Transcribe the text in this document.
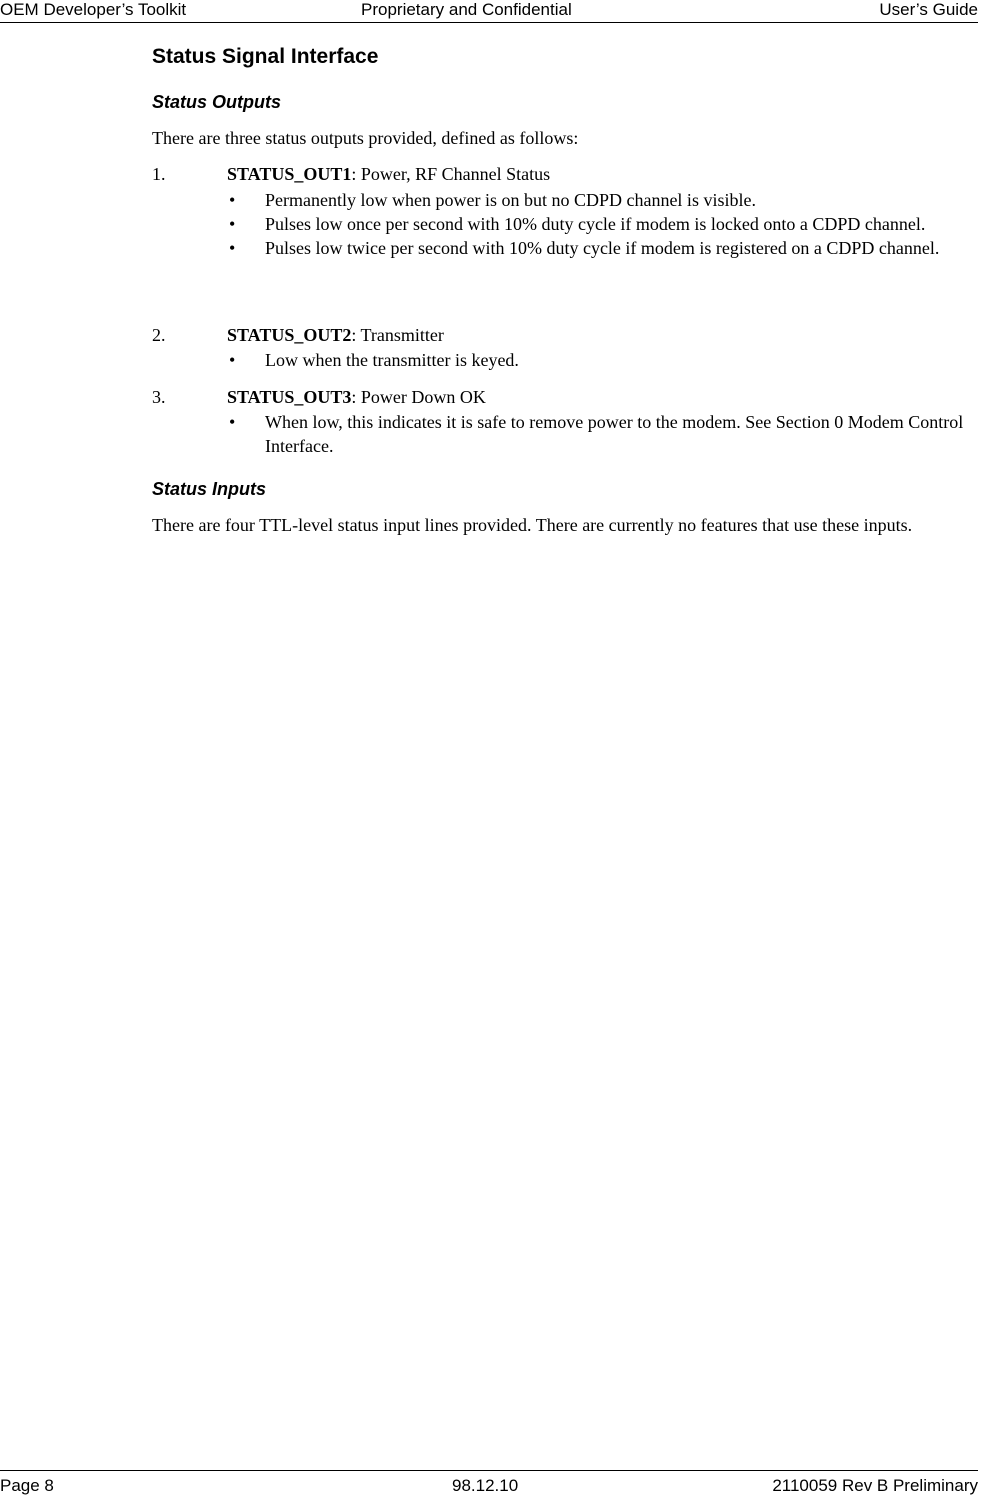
OEM Developer’s Toolkit	Proprietary and Confidential	User’s Guide
Status Signal Interface
Status Outputs
There are three status outputs provided, defined as follows:
1.	STATUS_OUT1: Power, RF Channel Status
• Permanently low when power is on but no CDPD channel is visible.
• Pulses low once per second with 10% duty cycle if modem is locked onto a CDPD channel.
• Pulses low twice per second with 10% duty cycle if modem is registered on a CDPD channel.
2.	STATUS_OUT2: Transmitter
• Low when the transmitter is keyed.
3.	STATUS_OUT3: Power Down OK
• When low, this indicates it is safe to remove power to the modem. See Section 0 Modem Control Interface.
Status Inputs
There are four TTL-level status input lines provided. There are currently no features that use these inputs.
Page 8	98.12.10	2110059 Rev B Preliminary
